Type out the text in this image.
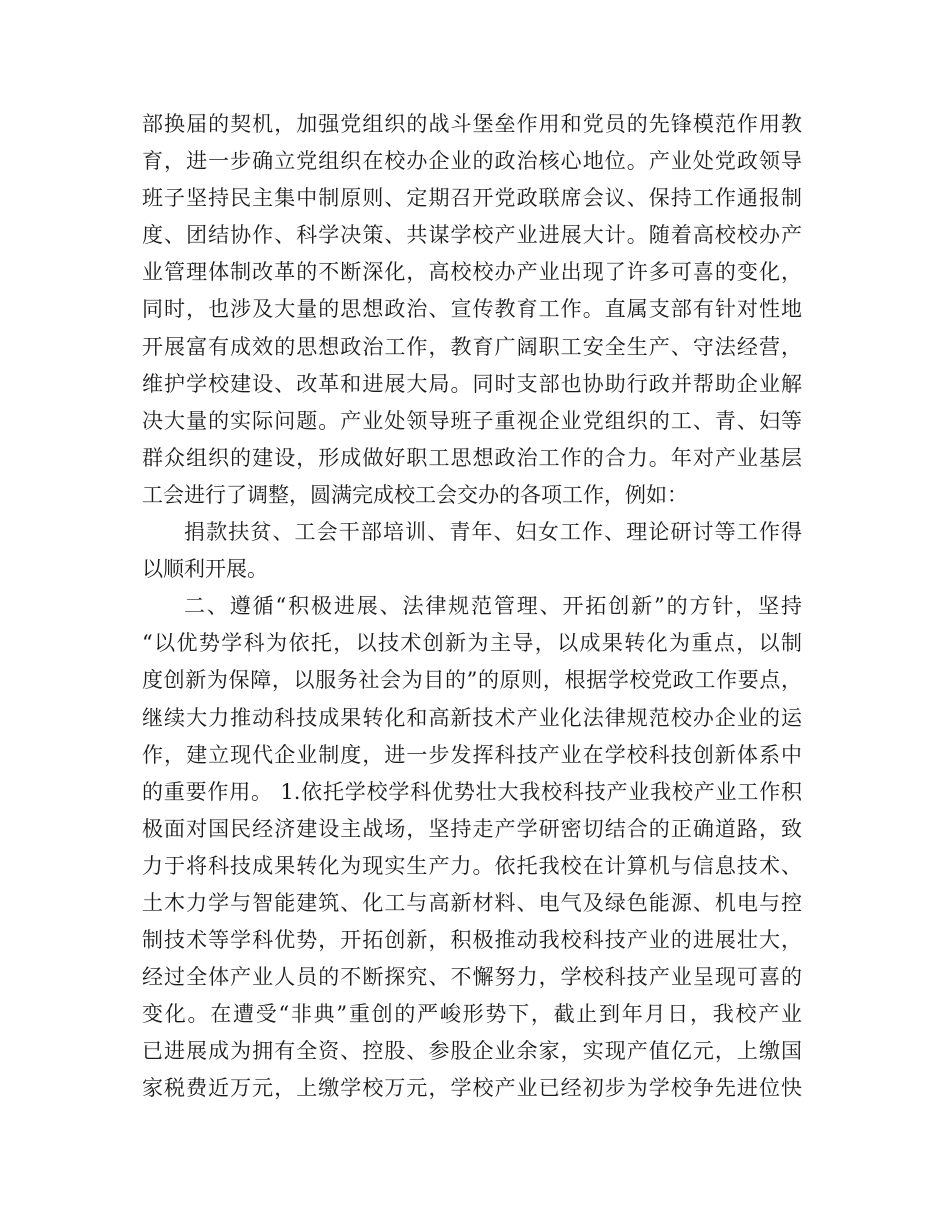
部换届的契机，加强党组织的战斗堡垒作用和党员的先锋模范作用教
育，进一步确立党组织在校办企业的政治核心地位。产业处党政领导
班子坚持民主集中制原则、定期召开党政联席会议、保持工作通报制
度、团结协作、科学决策、共谋学校产业进展大计。随着高校校办产
业管理体制改革的不断深化，高校校办产业出现了许多可喜的变化，
同时，也涉及大量的思想政治、宣传教育工作。直属支部有针对性地
开展富有成效的思想政治工作，教育广阔职工安全生产、守法经营，
维护学校建设、改革和进展大局。同时支部也协助行政并帮助企业解
决大量的实际问题。产业处领导班子重视企业党组织的工、青、妇等
群众组织的建设，形成做好职工思想政治工作的合力。年对产业基层
工会进行了调整，圆满完成校工会交办的各项工作，例如：
捐款扶贫、工会干部培训、青年、妇女工作、理论研讨等工作得
以顺利开展。
二、遵循“积极进展、法律规范管理、开拓创新”的方针，坚持
“以优势学科为依托，以技术创新为主导，以成果转化为重点，以制
度创新为保障，以服务社会为目的”的原则，根据学校党政工作要点，
继续大力推动科技成果转化和高新技术产业化法律规范校办企业的运
作，建立现代企业制度，进一步发挥科技产业在学校科技创新体系中
的重要作用。 1.依托学校学科优势壮大我校科技产业我校产业工作积
极面对国民经济建设主战场，坚持走产学研密切结合的正确道路，致
力于将科技成果转化为现实生产力。依托我校在计算机与信息技术、
土木力学与智能建筑、化工与高新材料、电气及绿色能源、机电与控
制技术等学科优势，开拓创新，积极推动我校科技产业的进展壮大，
经过全体产业人员的不断探究、不懈努力，学校科技产业呈现可喜的
变化。在遭受“非典”重创的严峻形势下，截止到年月日，我校产业
已进展成为拥有全资、控股、参股企业余家，实现产值亿元，上缴国
家税费近万元，上缴学校万元，学校产业已经初步为学校争先进位快
